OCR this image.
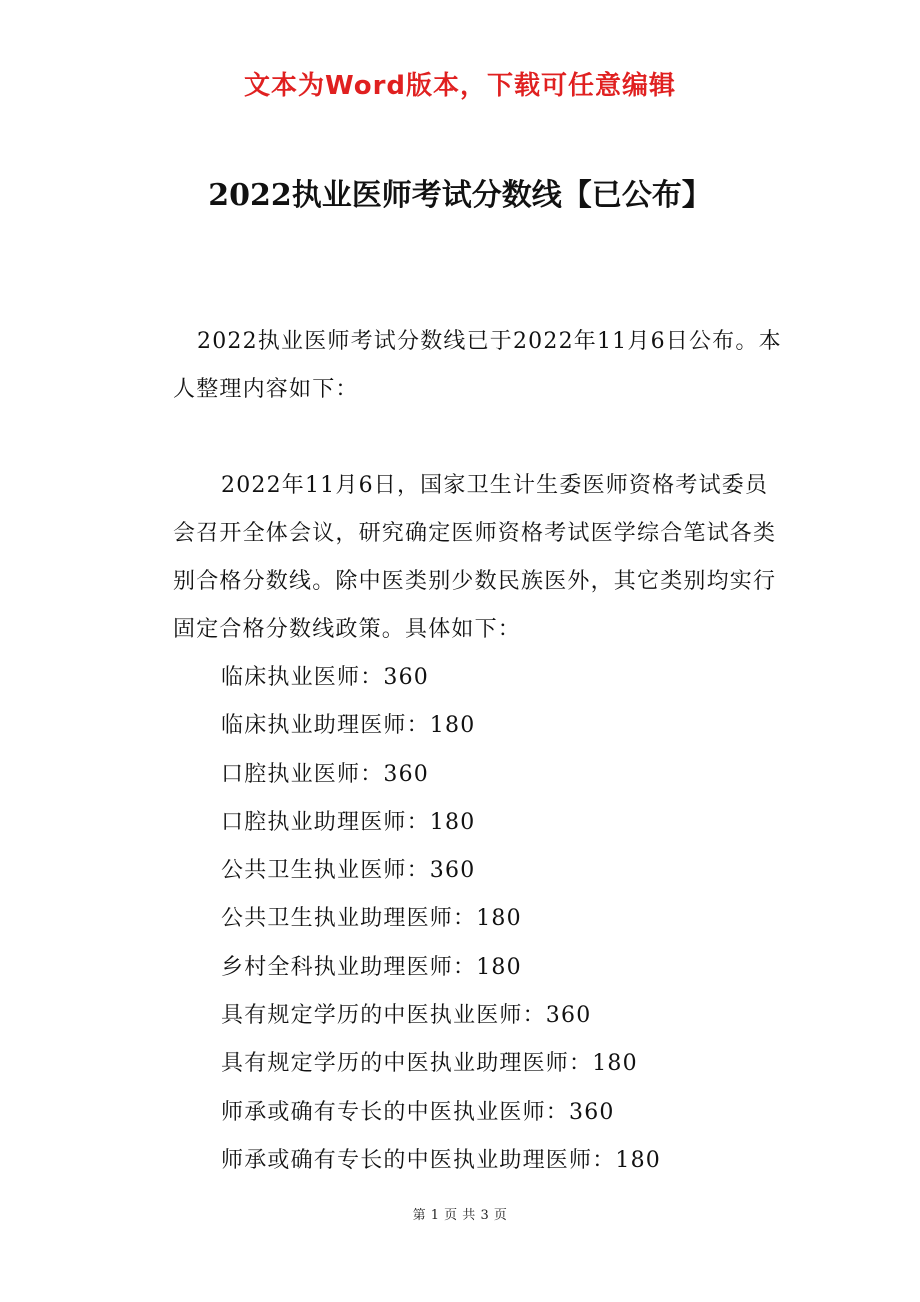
文本为Word版本，下载可任意编辑
2022执业医师考试分数线【已公布】

2022执业医师考试分数线已于2022年11月6日公布。本人整理内容如下：

2022年11月6日，国家卫生计生委医师资格考试委员会召开全体会议，研究确定医师资格考试医学综合笔试各类别合格分数线。除中医类别少数民族医外，其它类别均实行固定合格分数线政策。具体如下：

临床执业医师：360
临床执业助理医师：180
口腔执业医师：360
口腔执业助理医师：180
公共卫生执业医师：360
公共卫生执业助理医师：180
乡村全科执业助理医师：180
具有规定学历的中医执业医师：360
具有规定学历的中医执业助理医师：180
师承或确有专长的中医执业医师：360
师承或确有专长的中医执业助理医师：180
第 1 页 共 3 页
